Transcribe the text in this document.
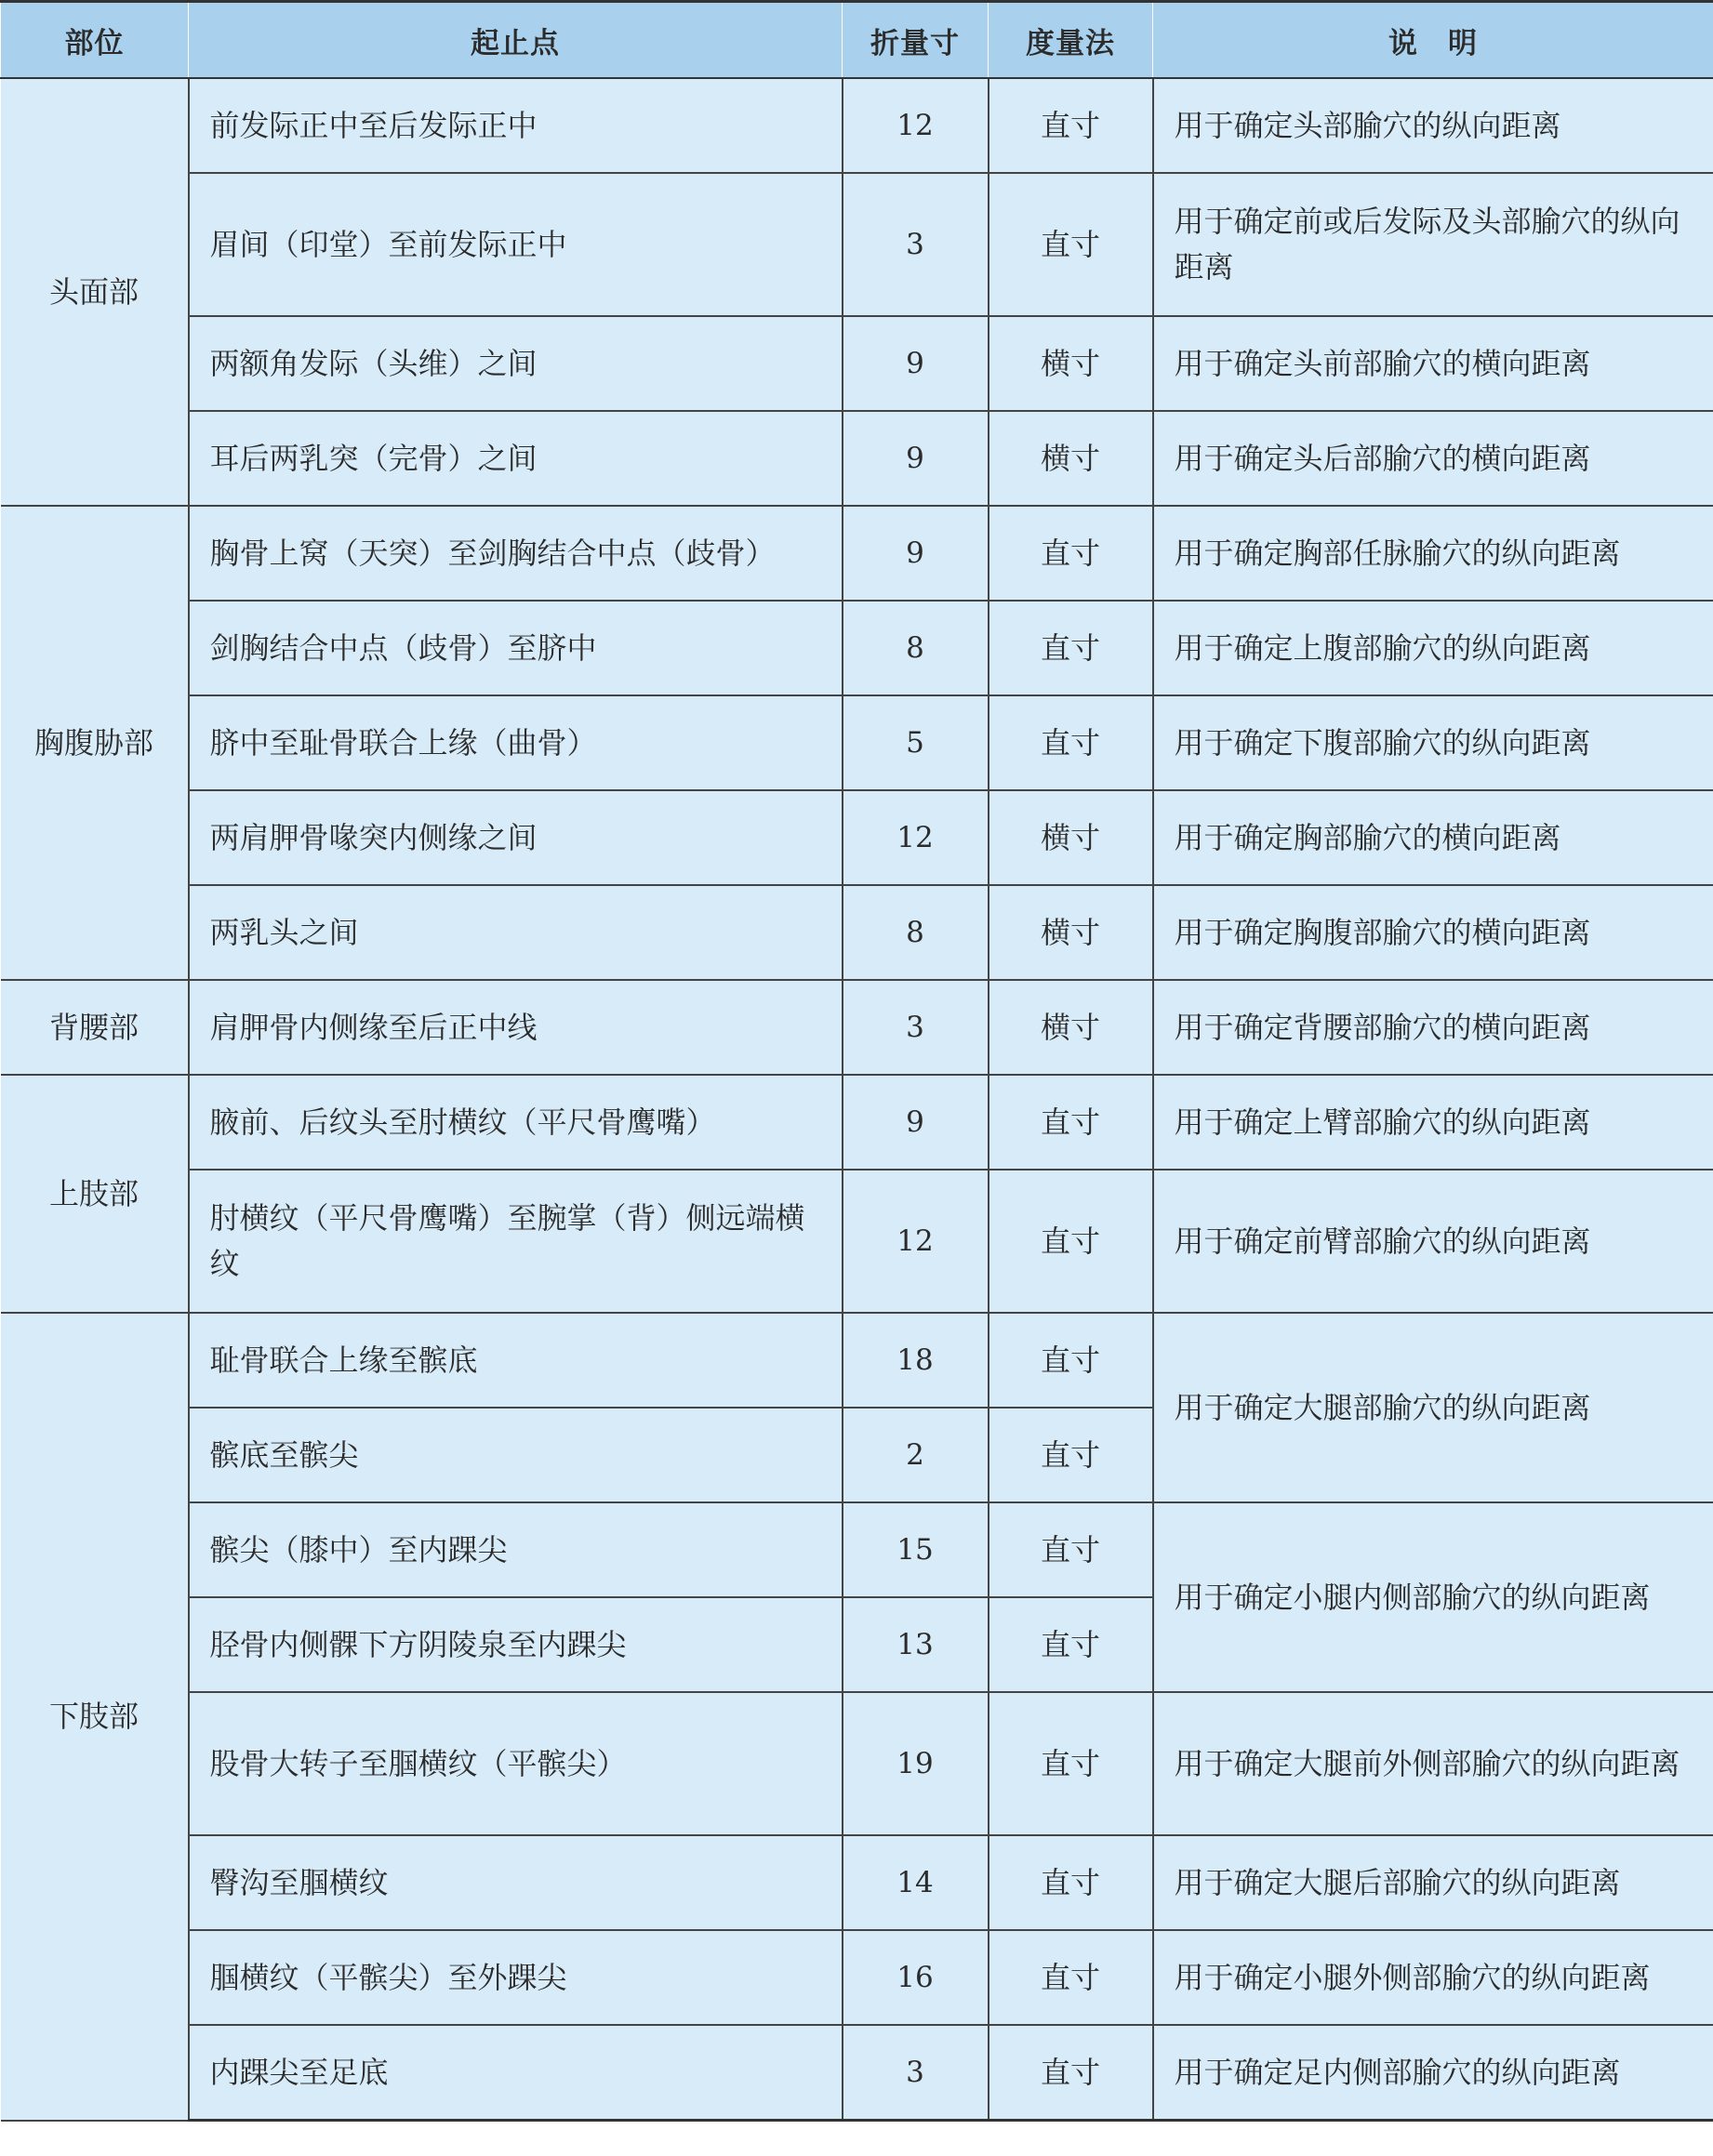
部位	起止点	折量寸	度量法	说　明
头面部	前发际正中至后发际正中	12	直寸	用于确定头部腧穴的纵向距离
	眉间（印堂）至前发际正中	3	直寸	用于确定前或后发际及头部腧穴的纵向距离
	两额角发际（头维）之间	9	横寸	用于确定头前部腧穴的横向距离
	耳后两乳突（完骨）之间	9	横寸	用于确定头后部腧穴的横向距离
胸腹胁部	胸骨上窝（天突）至剑胸结合中点（歧骨）	9	直寸	用于确定胸部任脉腧穴的纵向距离
	剑胸结合中点（歧骨）至脐中	8	直寸	用于确定上腹部腧穴的纵向距离
	脐中至耻骨联合上缘（曲骨）	5	直寸	用于确定下腹部腧穴的纵向距离
	两肩胛骨喙突内侧缘之间	12	横寸	用于确定胸部腧穴的横向距离
	两乳头之间	8	横寸	用于确定胸腹部腧穴的横向距离
背腰部	肩胛骨内侧缘至后正中线	3	横寸	用于确定背腰部腧穴的横向距离
上肢部	腋前、后纹头至肘横纹（平尺骨鹰嘴）	9	直寸	用于确定上臂部腧穴的纵向距离
	肘横纹（平尺骨鹰嘴）至腕掌（背）侧远端横纹	12	直寸	用于确定前臂部腧穴的纵向距离
下肢部	耻骨联合上缘至髌底	18	直寸	用于确定大腿部腧穴的纵向距离
	髌底至髌尖	2	直寸	
	髌尖（膝中）至内踝尖	15	直寸	用于确定小腿内侧部腧穴的纵向距离
	胫骨内侧髁下方阴陵泉至内踝尖	13	直寸	
	股骨大转子至腘横纹（平髌尖）	19	直寸	用于确定大腿前外侧部腧穴的纵向距离
	臀沟至腘横纹	14	直寸	用于确定大腿后部腧穴的纵向距离
	腘横纹（平髌尖）至外踝尖	16	直寸	用于确定小腿外侧部腧穴的纵向距离
	内踝尖至足底	3	直寸	用于确定足内侧部腧穴的纵向距离
